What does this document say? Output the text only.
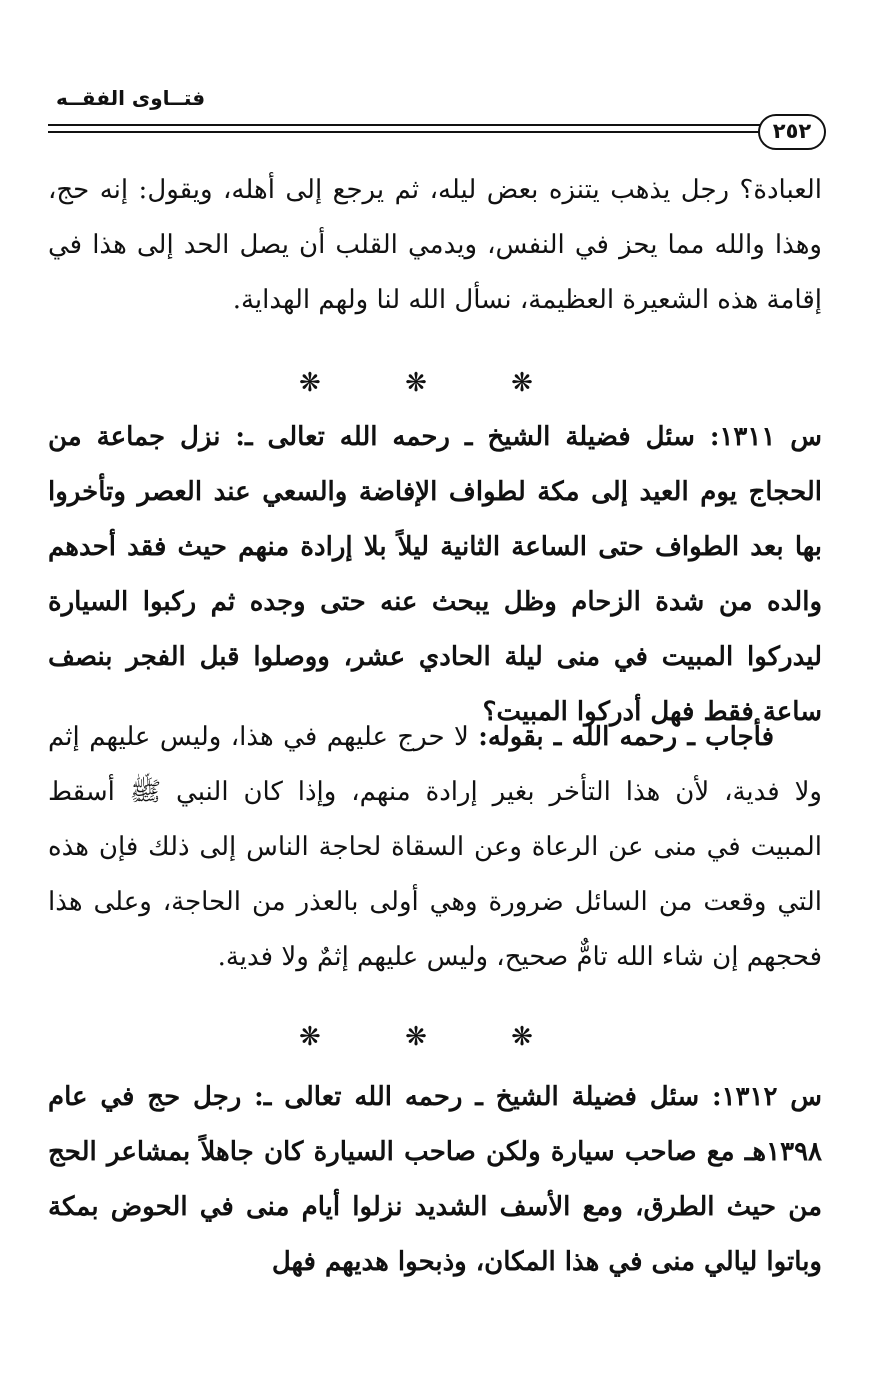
فتــاوى الفقــه
٢٥٢

العبادة؟ رجل يذهب يتنزه بعض ليله، ثم يرجع إلى أهله، ويقول: إنه حج، وهذا والله مما يحز في النفس، ويدمي القلب أن يصل الحد إلى هذا في إقامة هذه الشعيرة العظيمة، نسأل الله لنا ولهم الهداية.

❋ ❋ ❋

س ١٣١١: سئل فضيلة الشيخ ـ رحمه الله تعالى ـ: نزل جماعة من الحجاج يوم العيد إلى مكة لطواف الإفاضة والسعي عند العصر وتأخروا بها بعد الطواف حتى الساعة الثانية ليلاً بلا إرادة منهم حيث فقد أحدهم والده من شدة الزحام وظل يبحث عنه حتى وجده ثم ركبوا السيارة ليدركوا المبيت في منى ليلة الحادي عشر، ووصلوا قبل الفجر بنصف ساعة فقط فهل أدركوا المبيت؟

فأجاب ـ رحمه الله ـ بقوله: لا حرج عليهم في هذا، وليس عليهم إثم ولا فدية، لأن هذا التأخر بغير إرادة منهم، وإذا كان النبي ﷺ أسقط المبيت في منى عن الرعاة وعن السقاة لحاجة الناس إلى ذلك فإن هذه التي وقعت من السائل ضرورة وهي أولى بالعذر من الحاجة، وعلى هذا فحجهم إن شاء الله تامٌّ صحيح، وليس عليهم إثمٌ ولا فدية.

❋ ❋ ❋

س ١٣١٢: سئل فضيلة الشيخ ـ رحمه الله تعالى ـ: رجل حج في عام ١٣٩٨هـ مع صاحب سيارة ولكن صاحب السيارة كان جاهلاً بمشاعر الحج من حيث الطرق، ومع الأسف الشديد نزلوا أيام منى في الحوض بمكة وباتوا ليالي منى في هذا المكان، وذبحوا هديهم فهل
